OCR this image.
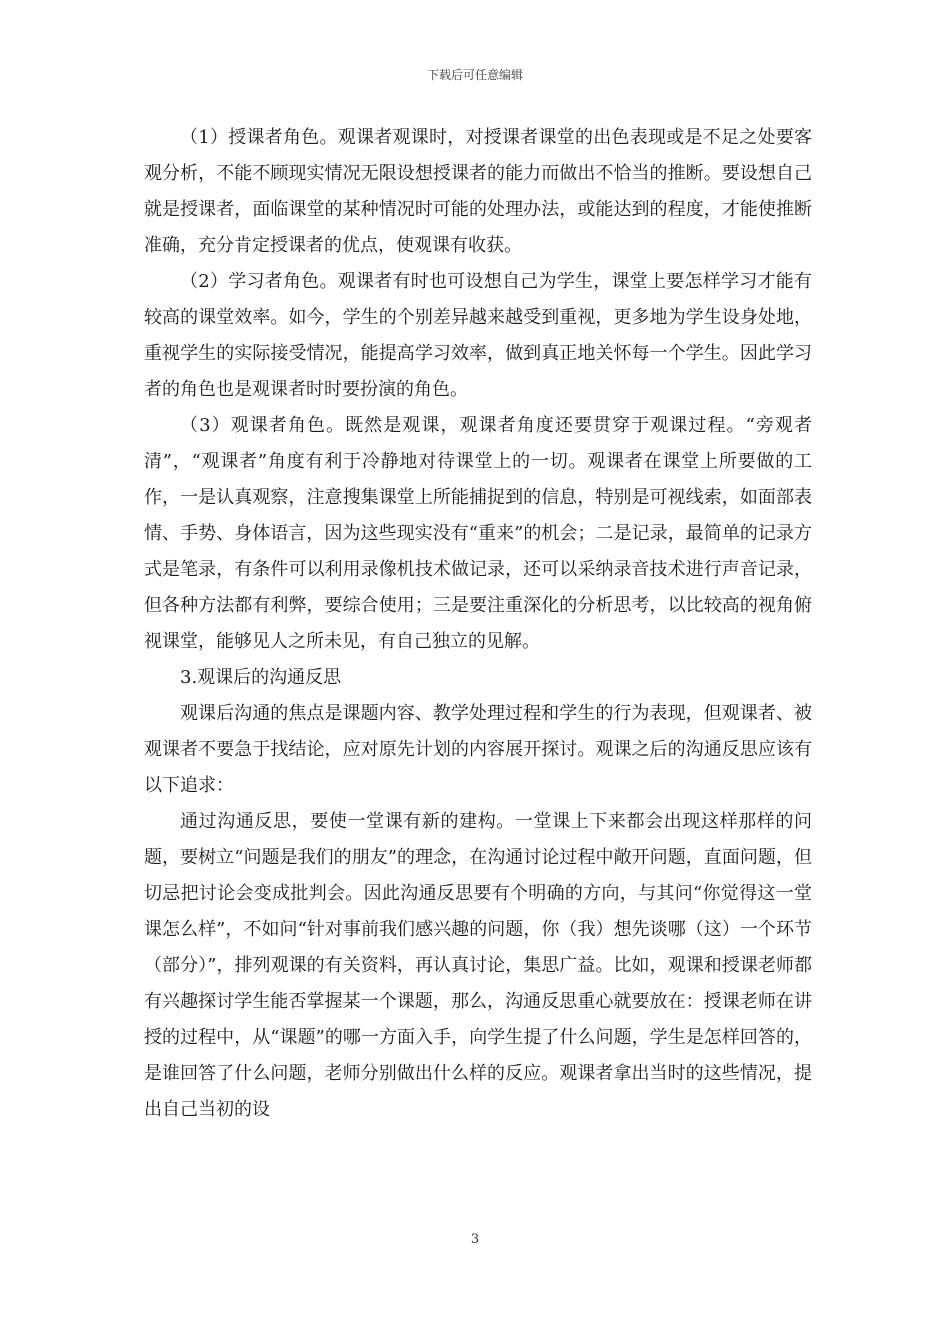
下载后可任意编辑

（1）授课者角色。观课者观课时，对授课者课堂的出色表现或是不足之处要客观分析，不能不顾现实情况无限设想授课者的能力而做出不恰当的推断。要设想自己就是授课者，面临课堂的某种情况时可能的处理办法，或能达到的程度，才能使推断准确，充分肯定授课者的优点，使观课有收获。

（2）学习者角色。观课者有时也可设想自己为学生，课堂上要怎样学习才能有较高的课堂效率。如今，学生的个别差异越来越受到重视，更多地为学生设身处地，重视学生的实际接受情况，能提高学习效率，做到真正地关怀每一个学生。因此学习者的角色也是观课者时时要扮演的角色。

（3）观课者角色。既然是观课，观课者角度还要贯穿于观课过程。“旁观者清”，“观课者”角度有利于冷静地对待课堂上的一切。观课者在课堂上所要做的工作，一是认真观察，注意搜集课堂上所能捕捉到的信息，特别是可视线索，如面部表情、手势、身体语言，因为这些现实没有“重来”的机会；二是记录，最简单的记录方式是笔录，有条件可以利用录像机技术做记录，还可以采纳录音技术进行声音记录，但各种方法都有利弊，要综合使用；三是要注重深化的分析思考，以比较高的视角俯视课堂，能够见人之所未见，有自己独立的见解。

3.观课后的沟通反思

观课后沟通的焦点是课题内容、教学处理过程和学生的行为表现，但观课者、被观课者不要急于找结论，应对原先计划的内容展开探讨。观课之后的沟通反思应该有以下追求：

通过沟通反思，要使一堂课有新的建构。一堂课上下来都会出现这样那样的问题，要树立“问题是我们的朋友”的理念，在沟通讨论过程中敞开问题，直面问题，但切忌把讨论会变成批判会。因此沟通反思要有个明确的方向，与其问“你觉得这一堂课怎么样”，不如问“针对事前我们感兴趣的问题，你（我）想先谈哪（这）一个环节（部分）”，排列观课的有关资料，再认真讨论，集思广益。比如，观课和授课老师都有兴趣探讨学生能否掌握某一个课题，那么，沟通反思重心就要放在：授课老师在讲授的过程中，从“课题”的哪一方面入手，向学生提了什么问题，学生是怎样回答的，是谁回答了什么问题，老师分别做出什么样的反应。观课者拿出当时的这些情况，提出自己当初的设

3
